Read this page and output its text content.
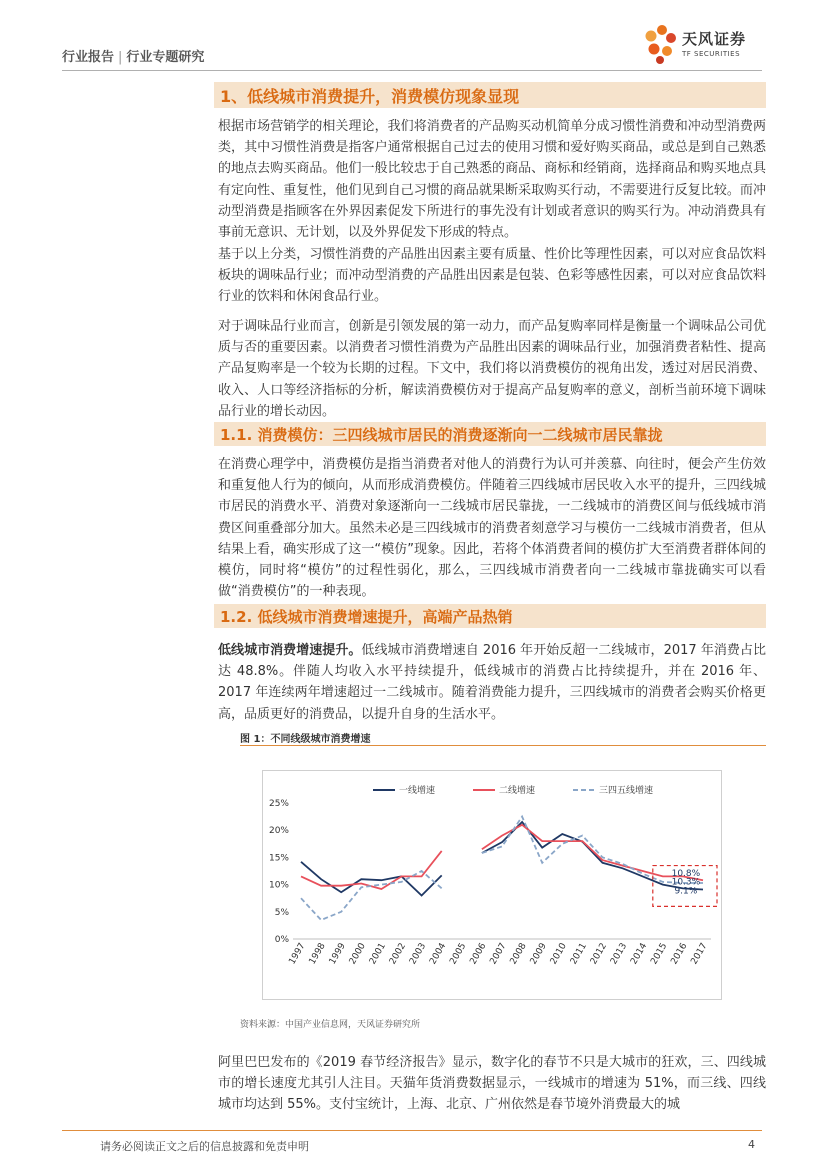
行业报告 | 行业专题研究
天风证券
TF SECURITIES
1、低线城市消费提升，消费模仿现象显现
根据市场营销学的相关理论，我们将消费者的产品购买动机简单分成习惯性消费和冲动型消费两类，其中习惯性消费是指客户通常根据自己过去的使用习惯和爱好购买商品，或总是到自己熟悉的地点去购买商品。他们一般比较忠于自己熟悉的商品、商标和经销商，选择商品和购买地点具有定向性、重复性，他们见到自己习惯的商品就果断采取购买行动，不需要进行反复比较。而冲动型消费是指顾客在外界因素促发下所进行的事先没有计划或者意识的购买行为。冲动消费具有事前无意识、无计划，以及外界促发下形成的特点。
基于以上分类，习惯性消费的产品胜出因素主要有质量、性价比等理性因素，可以对应食品饮料板块的调味品行业；而冲动型消费的产品胜出因素是包装、色彩等感性因素，可以对应食品饮料行业的饮料和休闲食品行业。
对于调味品行业而言，创新是引领发展的第一动力，而产品复购率同样是衡量一个调味品公司优质与否的重要因素。以消费者习惯性消费为产品胜出因素的调味品行业，加强消费者粘性、提高产品复购率是一个较为长期的过程。下文中，我们将以消费模仿的视角出发，透过对居民消费、收入、人口等经济指标的分析，解读消费模仿对于提高产品复购率的意义，剖析当前环境下调味品行业的增长动因。
1.1. 消费模仿：三四线城市居民的消费逐渐向一二线城市居民靠拢
在消费心理学中，消费模仿是指当消费者对他人的消费行为认可并羡慕、向往时，便会产生仿效和重复他人行为的倾向，从而形成消费模仿。伴随着三四线城市居民收入水平的提升，三四线城市居民的消费水平、消费对象逐渐向一二线城市居民靠拢，一二线城市的消费区间与低线城市消费区间重叠部分加大。虽然未必是三四线城市的消费者刻意学习与模仿一二线城市消费者，但从结果上看，确实形成了这一“模仿”现象。因此，若将个体消费者间的模仿扩大至消费者群体间的模仿，同时将“模仿”的过程性弱化，那么，三四线城市消费者向一二线城市靠拢确实可以看做“消费模仿”的一种表现。
1.2. 低线城市消费增速提升，高端产品热销
低线城市消费增速提升。低线城市消费增速自 2016 年开始反超一二线城市，2017 年消费占比达 48.8%。伴随人均收入水平持续提升，低线城市的消费占比持续提升，并在 2016 年、2017 年连续两年增速超过一二线城市。随着消费能力提升，三四线城市的消费者会购买价格更高，品质更好的消费品，以提升自身的生活水平。
图 1：不同线级城市消费增速
0%
5%
10%
15%
20%
25%
1997 1998 1999 2000 2001 2002 2003 2004 2005 2006 2007 2008 2009 2010 2011 2012 2013 2014 2015 2016 2017
一线增速	二线增速	三四五线增速
10.8%
10.3%
9.1%
资料来源：中国产业信息网，天风证券研究所
阿里巴巴发布的《2019 春节经济报告》显示，数字化的春节不只是大城市的狂欢，三、四线城市的增长速度尤其引人注目。天猫年货消费数据显示，一线城市的增速为 51%，而三线、四线城市均达到 55%。支付宝统计，上海、北京、广州依然是春节境外消费最大的城
请务必阅读正文之后的信息披露和免责申明	4
